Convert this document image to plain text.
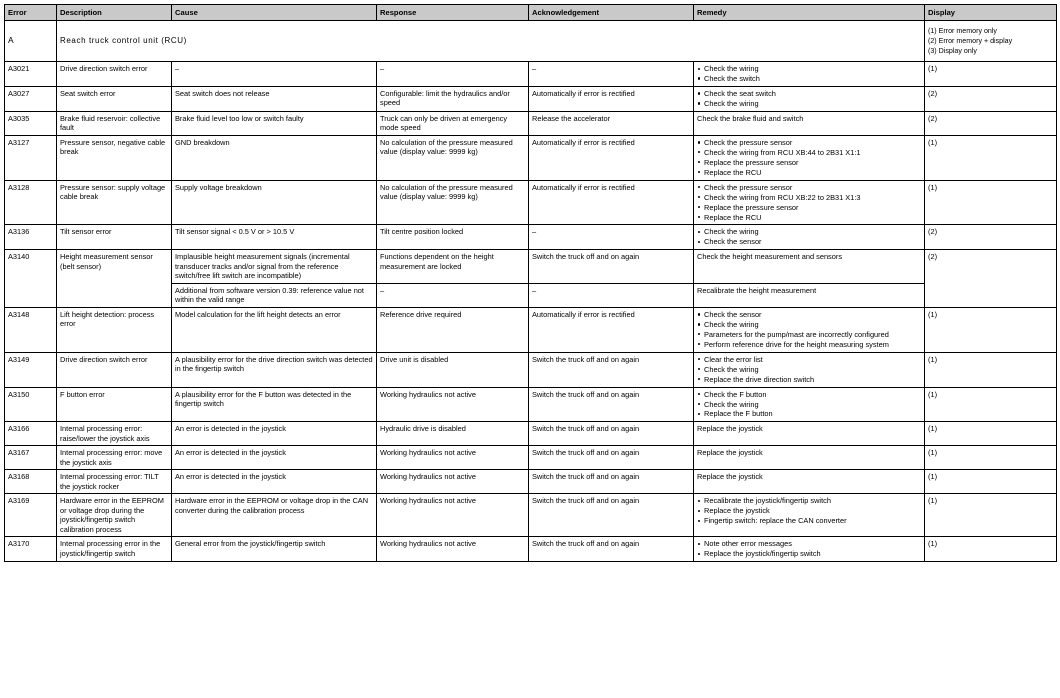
Error	Description	Cause	Response	Acknowledgement	Remedy	Display
A	Reach truck control unit (RCU)					(1) Error memory only
(2) Error memory + display
(3) Display only

A3021	Drive direction switch error	–	–	–	Check the wiring
Check the switch
	(1)
A3027	Seat switch error	Seat switch does not release	Configurable: limit the hydraulics and/or speed	Automatically if error is rectified	Check the seat switch
Check the wiring
	(2)
A3035	Brake fluid reservoir: collective fault	Brake fluid level too low or switch faulty	Truck can only be driven at emergency mode speed	Release the accelerator	Check the brake fluid and switch	(2)
A3127	Pressure sensor, negative cable break	GND breakdown	No calculation of the pressure measured value (display value: 9999 kg)	Automatically if error is rectified	Check the pressure sensor
Check the wiring from RCU XB:44 to 2B31 X1:1
Replace the pressure sensor
Replace the RCU
	(1)
A3128	Pressure sensor: supply voltage cable break	Supply voltage breakdown	No calculation of the pressure measured value (display value: 9999 kg)	Automatically if error is rectified	Check the pressure sensor
Check the wiring from RCU XB:22 to 2B31 X1:3
Replace the pressure sensor
Replace the RCU
	(1)
A3136	Tilt sensor error	Tilt sensor signal < 0.5 V or > 10.5 V	Tilt centre position locked	–	Check the wiring
Check the sensor
	(2)
A3140	Height measurement sensor (belt sensor)	Implausible height measurement signals (incremental transducer tracks and/or signal from the reference switch/free lift switch are incompatible)	Functions dependent on the height measurement are locked	Switch the truck off and on again	Check the height measurement and sensors	(2)
		Additional from software version 0.39: reference value not within the valid range	–	–	Recalibrate the height measurement	
A3148	Lift height detection: process error	Model calculation for the lift height detects an error	Reference drive required	Automatically if error is rectified	Check the sensor
Check the wiring
Parameters for the pump/mast are incorrectly configured
Perform reference drive for the height measuring system
	(1)
A3149	Drive direction switch error	A plausibility error for the drive direction switch was detected in the fingertip switch	Drive unit is disabled	Switch the truck off and on again	Clear the error list
Check the wiring
Replace the drive direction switch
	(1)
A3150	F button error	A plausibility error for the F button was detected in the fingertip switch	Working hydraulics not active	Switch the truck off and on again	Check the F button
Check the wiring
Replace the F button
	(1)
A3166	Internal processing error: raise/lower the joystick axis	An error is detected in the joystick	Hydraulic drive is disabled	Switch the truck off and on again	Replace the joystick	(1)
A3167	Internal processing error: move the joystick axis	An error is detected in the joystick	Working hydraulics not active	Switch the truck off and on again	Replace the joystick	(1)
A3168	Internal processing error: TILT the joystick rocker	An error is detected in the joystick	Working hydraulics not active	Switch the truck off and on again	Replace the joystick	(1)
A3169	Hardware error in the EEPROM or voltage drop during the joystick/fingertip switch calibration process	Hardware error in the EEPROM or voltage drop in the CAN converter during the calibration process	Working hydraulics not active	Switch the truck off and on again	Recalibrate the joystick/fingertip switch
Replace the joystick
Fingertip switch: replace the CAN converter
	(1)
A3170	Internal processing error in the joystick/fingertip switch	General error from the joystick/fingertip switch	Working hydraulics not active	Switch the truck off and on again	Note other error messages
Replace the joystick/fingertip switch
	(1)
